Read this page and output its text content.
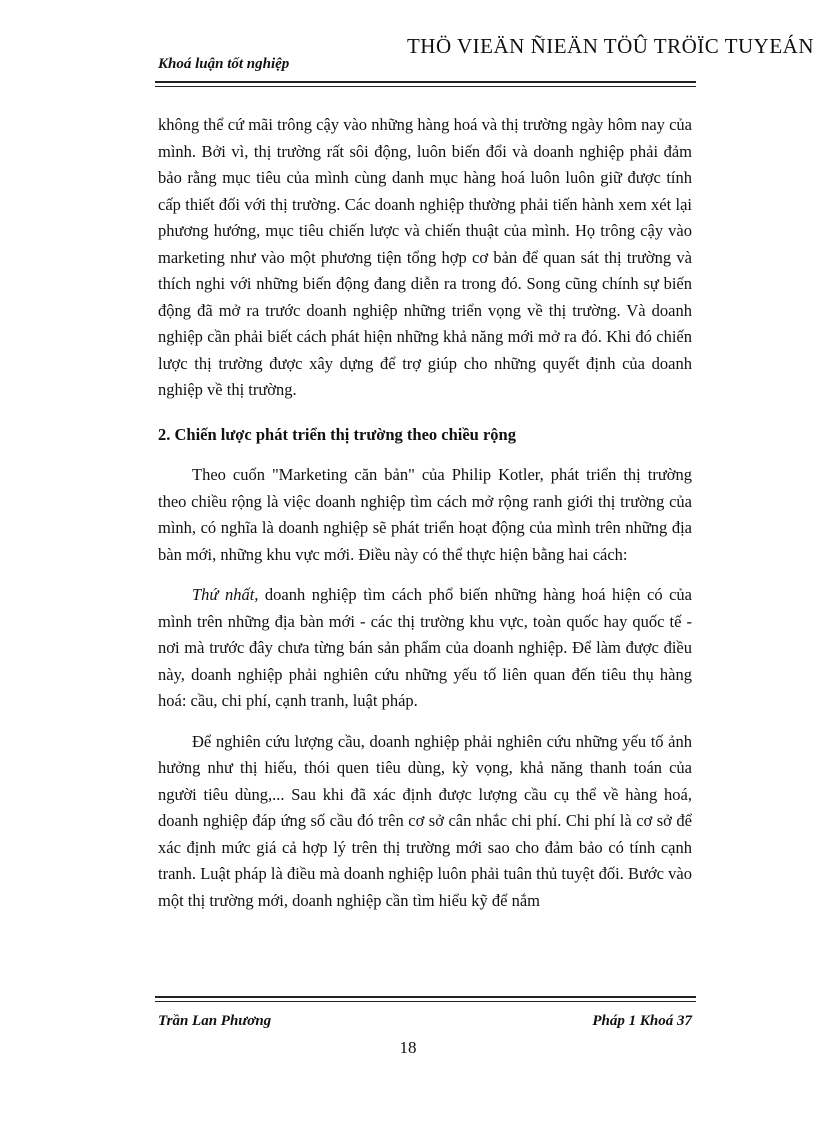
THÖ VIEÄN ÑIEÄN TÖÛ TRÖÏC TUYEÁN
Khoá luận tốt nghiệp

không thể cứ mãi trông cậy vào những hàng hoá và thị trường ngày hôm nay của mình. Bởi vì, thị trường rất sôi động, luôn biến đổi và doanh nghiệp phải đảm bảo rằng mục tiêu của mình cùng danh mục hàng hoá luôn luôn giữ được tính cấp thiết đối với thị trường. Các doanh nghiệp thường phải tiến hành xem xét lại phương hướng, mục tiêu chiến lược và chiến thuật của mình. Họ trông cậy vào marketing như vào một phương tiện tổng hợp cơ bản để quan sát thị trường và thích nghi với những biến động đang diễn ra trong đó. Song cũng chính sự biến động đã mở ra trước doanh nghiệp những triển vọng về thị trường. Và doanh nghiệp cần phải biết cách phát hiện những khả năng mới mở ra đó. Khi đó chiến lược thị trường được xây dựng để trợ giúp cho những quyết định của doanh nghiệp về thị trường.

2. Chiến lược phát triển thị trường theo chiều rộng

Theo cuốn "Marketing căn bản" của Philip Kotler, phát triển thị trường theo chiều rộng là việc doanh nghiệp tìm cách mở rộng ranh giới thị trường của mình, có nghĩa là doanh nghiệp sẽ phát triển hoạt động của mình trên những địa bàn mới, những khu vực mới. Điều này có thể thực hiện bằng hai cách:

Thứ nhất, doanh nghiệp tìm cách phổ biến những hàng hoá hiện có của mình trên những địa bàn mới - các thị trường khu vực, toàn quốc hay quốc tế - nơi mà trước đây chưa từng bán sản phẩm của doanh nghiệp. Để làm được điều này, doanh nghiệp phải nghiên cứu những yếu tố liên quan đến tiêu thụ hàng hoá: cầu, chi phí, cạnh tranh, luật pháp.

Để nghiên cứu lượng cầu, doanh nghiệp phải nghiên cứu những yếu tố ảnh hưởng như thị hiếu, thói quen tiêu dùng, kỳ vọng, khả năng thanh toán của người tiêu dùng,... Sau khi đã xác định được lượng cầu cụ thể về hàng hoá, doanh nghiệp đáp ứng số cầu đó trên cơ sở cân nhắc chi phí. Chi phí là cơ sở để xác định mức giá cả hợp lý trên thị trường mới sao cho đảm bảo có tính cạnh tranh. Luật pháp là điều mà doanh nghiệp luôn phải tuân thủ tuyệt đối. Bước vào một thị trường mới, doanh nghiệp cần tìm hiểu kỹ để nắm

Trần Lan Phương	Pháp 1 Khoá 37
18
